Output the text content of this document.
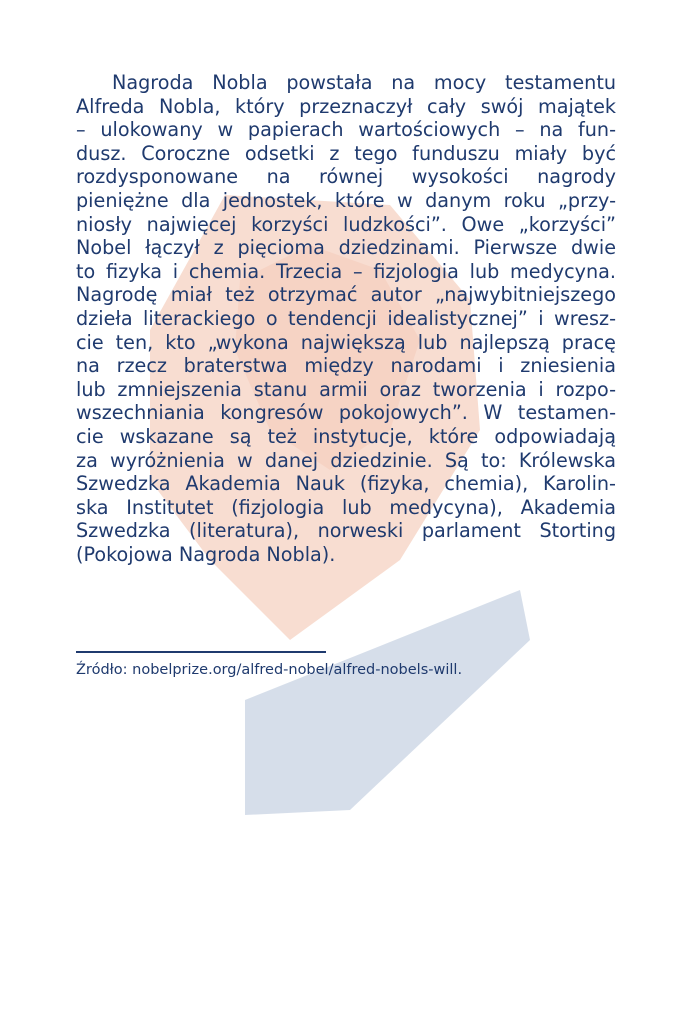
Nagroda Nobla powstała na mocy testamentu
Alfreda Nobla, który przeznaczył cały swój majątek
– ulokowany w papierach wartościowych – na fun-
dusz. Coroczne odsetki z tego funduszu miały być
rozdysponowane na równej wysokości nagrody
pieniężne dla jednostek, które w danym roku „przy-
niosły najwięcej korzyści ludzkości”. Owe „korzyści”
Nobel łączył z pięcioma dziedzinami. Pierwsze dwie
to fizyka i chemia. Trzecia – fizjologia lub medycyna.
Nagrodę miał też otrzymać autor „najwybitniejszego
dzieła literackiego o tendencji idealistycznej” i wresz-
cie ten, kto „wykona największą lub najlepszą pracę
na rzecz braterstwa między narodami i zniesienia
lub zmniejszenia stanu armii oraz tworzenia i rozpo-
wszechniania kongresów pokojowych”. W testamen-
cie wskazane są też instytucje, które odpowiadają
za wyróżnienia w danej dziedzinie. Są to: Królewska
Szwedzka Akademia Nauk (fizyka, chemia), Karolin-
ska Institutet (fizjologia lub medycyna), Akademia
Szwedzka (literatura), norweski parlament Storting
(Pokojowa Nagroda Nobla).
Źródło: nobelprize.org/alfred-nobel/alfred-nobels-will.
